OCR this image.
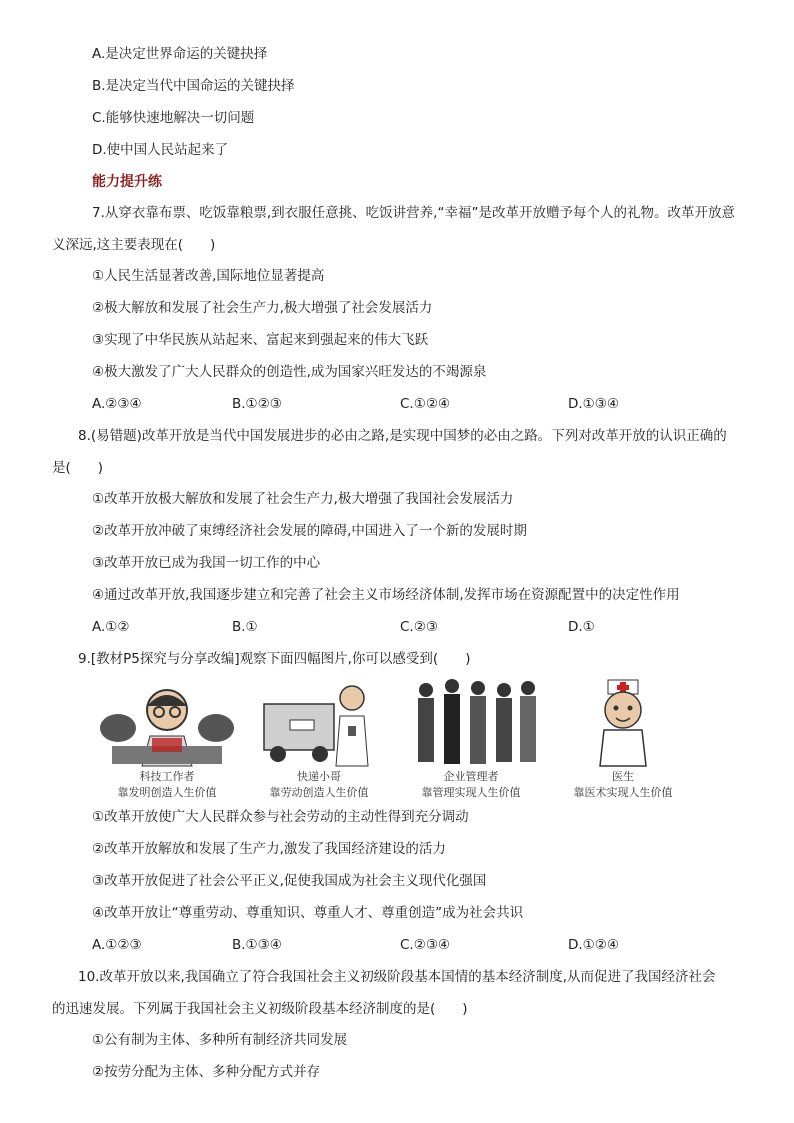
A.是决定世界命运的关键抉择
B.是决定当代中国命运的关键抉择
C.能够快速地解决一切问题
D.使中国人民站起来了
能力提升练
7.从穿衣靠布票、吃饭靠粮票,到衣服任意挑、吃饭讲营养,“幸福”是改革开放赠予每个人的礼物。改革开放意
义深远,这主要表现在(　　)
①人民生活显著改善,国际地位显著提高
②极大解放和发展了社会生产力,极大增强了社会发展活力
③实现了中华民族从站起来、富起来到强起来的伟大飞跃
④极大激发了广大人民群众的创造性,成为国家兴旺发达的不竭源泉
A.②③④	B.①②③	C.①②④	D.①③④
8.(易错题)改革开放是当代中国发展进步的必由之路,是实现中国梦的必由之路。下列对改革开放的认识正确的
是(　　)
①改革开放极大解放和发展了社会生产力,极大增强了我国社会发展活力
②改革开放冲破了束缚经济社会发展的障碍,中国进入了一个新的发展时期
③改革开放已成为我国一切工作的中心
④通过改革开放,我国逐步建立和完善了社会主义市场经济体制,发挥市场在资源配置中的决定性作用
A.①②	B.①	C.②③	D.①
9.[教材P5探究与分享改编]观察下面四幅图片,你可以感受到(　　)
科技工作者
靠发明创造人生价值
快递小哥
靠劳动创造人生价值
企业管理者
靠管理实现人生价值
医生
靠医术实现人生价值
①改革开放使广大人民群众参与社会劳动的主动性得到充分调动
②改革开放解放和发展了生产力,激发了我国经济建设的活力
③改革开放促进了社会公平正义,促使我国成为社会主义现代化强国
④改革开放让“尊重劳动、尊重知识、尊重人才、尊重创造”成为社会共识
A.①②③	B.①③④	C.②③④	D.①②④
10.改革开放以来,我国确立了符合我国社会主义初级阶段基本国情的基本经济制度,从而促进了我国经济社会
的迅速发展。下列属于我国社会主义初级阶段基本经济制度的是(　　)
①公有制为主体、多种所有制经济共同发展
②按劳分配为主体、多种分配方式并存
